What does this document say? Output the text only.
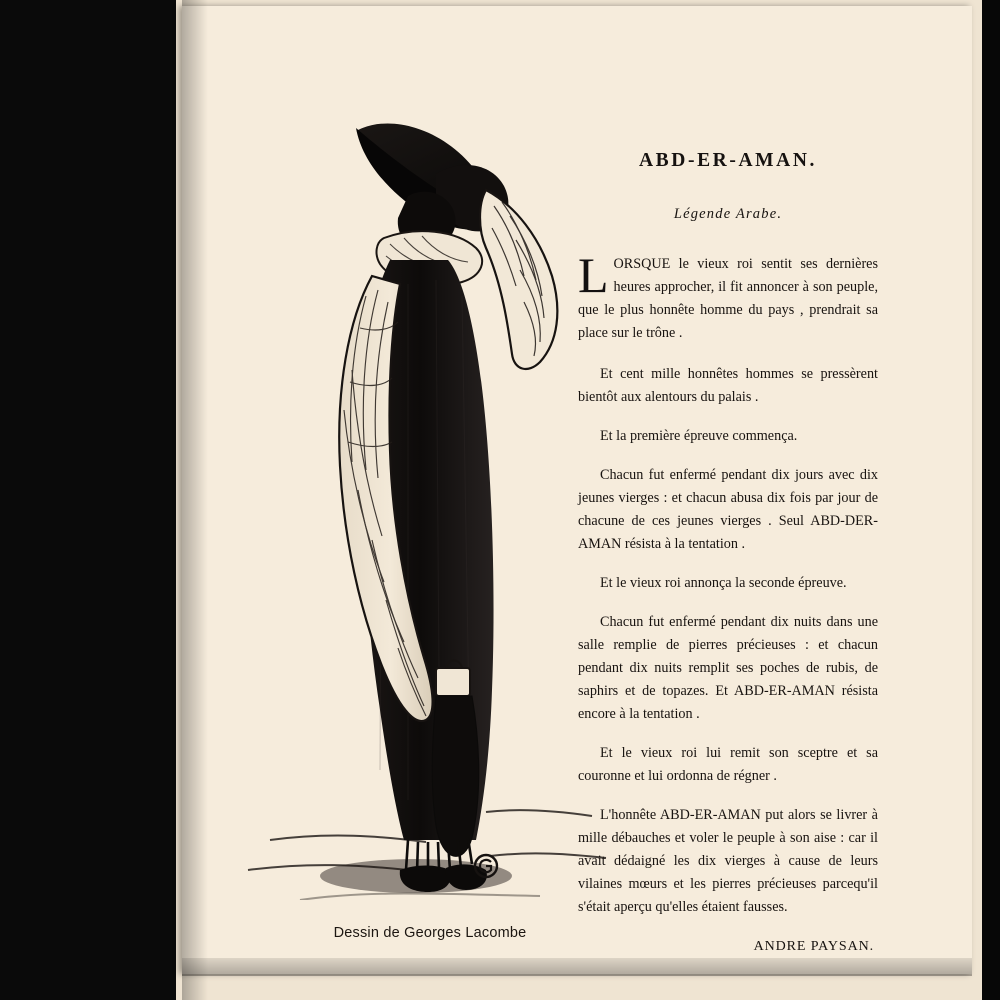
Dessin de Georges Lacombe
ABD-ER-AMAN.
Légende Arabe.

LORSQUE le vieux roi sentit ses dernières heures approcher, il fit annoncer à son peuple, que le plus honnête homme du pays , prendrait sa place sur le trône .

Et cent mille honnêtes hommes se pressèrent bientôt aux alentours du palais .

Et la première épreuve commença.

Chacun fut enfermé pendant dix jours avec dix jeunes vierges : et chacun abusa dix fois par jour de chacune de ces jeunes vierges . Seul ABD-DER-AMAN résista à la tentation .

Et le vieux roi annonça la seconde épreuve.

Chacun fut enfermé pendant dix nuits dans une salle remplie de pierres précieuses : et chacun pendant dix nuits remplit ses poches de rubis, de saphirs et de topazes. Et ABD-ER-AMAN résista encore à la tentation .

Et le vieux roi lui remit son sceptre et sa couronne et lui ordonna de régner .

L'honnête ABD-ER-AMAN put alors se livrer à mille débauches et voler le peuple à son aise : car il avait dédaigné les dix vierges à cause de leurs vilaines mœurs et les pierres précieuses parcequ'il s'était aperçu qu'elles étaient fausses.

ANDRE PAYSAN.
